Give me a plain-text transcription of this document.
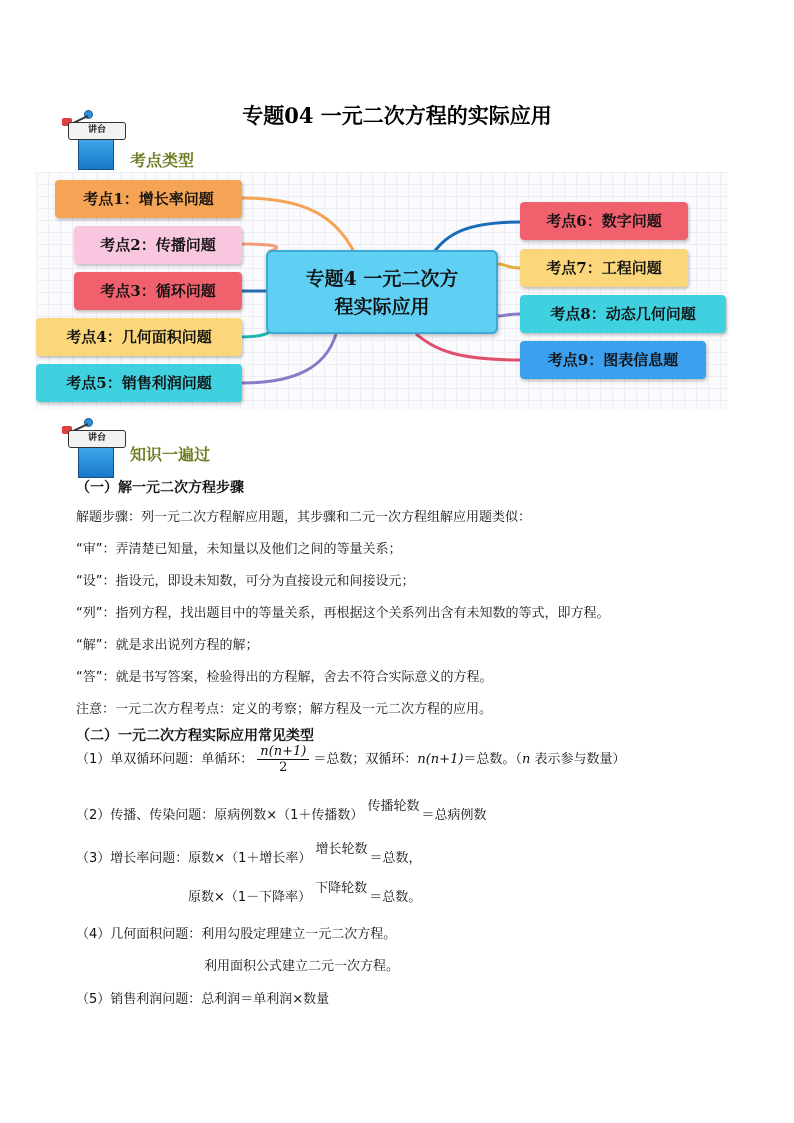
专题04 一元二次方程的实际应用
讲台
考点类型
考点1：增长率问题
考点2：传播问题
考点3：循环问题
考点4：几何面积问题
考点5：销售利润问题
专题4 一元二次方
程实际应用
考点6：数字问题
考点7：工程问题
考点8：动态几何问题
考点9：图表信息题
讲台
知识一遍过
（一）解一元二次方程步骤
解题步骤：列一元二次方程解应用题，其步骤和二元一次方程组解应用题类似：
“审”：弄清楚已知量，未知量以及他们之间的等量关系；
“设”：指设元，即设未知数，可分为直接设元和间接设元；
“列”：指列方程，找出题目中的等量关系，再根据这个关系列出含有未知数的等式，即方程。
“解”：就是求出说列方程的解；
“答”：就是书写答案，检验得出的方程解，舍去不符合实际意义的方程。
注意：一元二次方程考点：定义的考察；解方程及一元二次方程的应用。
（二）一元二次方程实际应用常见类型
（1）单双循环问题：单循环： $\frac{n(n+1)}{2}$ ＝总数；双循环：n(n+1)＝总数。（n 表示参与数量）
（2）传播、传染问题：原病例数×（1＋传播数）传播轮数＝总病例数
（3）增长率问题：原数×（1＋增长率）增长轮数＝总数，
原数×（1－下降率）下降轮数＝总数。
（4）几何面积问题：利用勾股定理建立一元二次方程。
利用面积公式建立二元一次方程。
（5）销售利润问题：总利润＝单利润×数量
